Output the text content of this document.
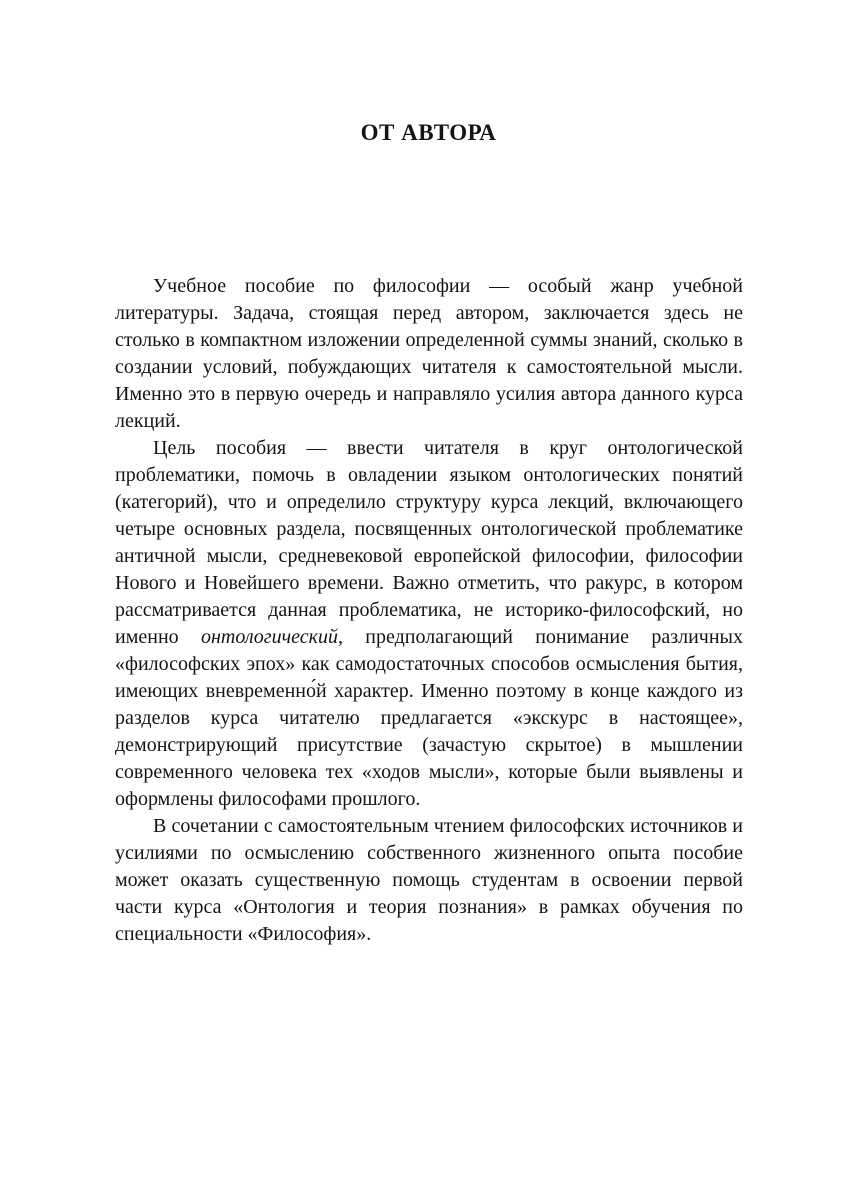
ОТ АВТОРА

Учебное пособие по философии — особый жанр учебной литературы. Задача, стоящая перед автором, заключается здесь не столько в компактном изложении определенной суммы знаний, сколько в создании условий, побуждающих читателя к самостоятельной мысли. Именно это в первую очередь и направляло усилия автора данного курса лекций.

Цель пособия — ввести читателя в круг онтологической проблематики, помочь в овладении языком онтологических понятий (категорий), что и определило структуру курса лекций, включающего четыре основных раздела, посвященных онтологической проблематике античной мысли, средневековой европейской философии, философии Нового и Новейшего времени. Важно отметить, что ракурс, в котором рассматривается данная проблематика, не историко-философский, но именно онтологический, предполагающий понимание различных «философских эпох» как самодостаточных способов осмысления бытия, имеющих вневременно́й характер. Именно поэтому в конце каждого из разделов курса читателю предлагается «экскурс в настоящее», демонстрирующий присутствие (зачастую скрытое) в мышлении современного человека тех «ходов мысли», которые были выявлены и оформлены философами прошлого.

В сочетании с самостоятельным чтением философских источников и усилиями по осмыслению собственного жизненного опыта пособие может оказать существенную помощь студентам в освоении первой части курса «Онтология и теория познания» в рамках обучения по специальности «Философия».
